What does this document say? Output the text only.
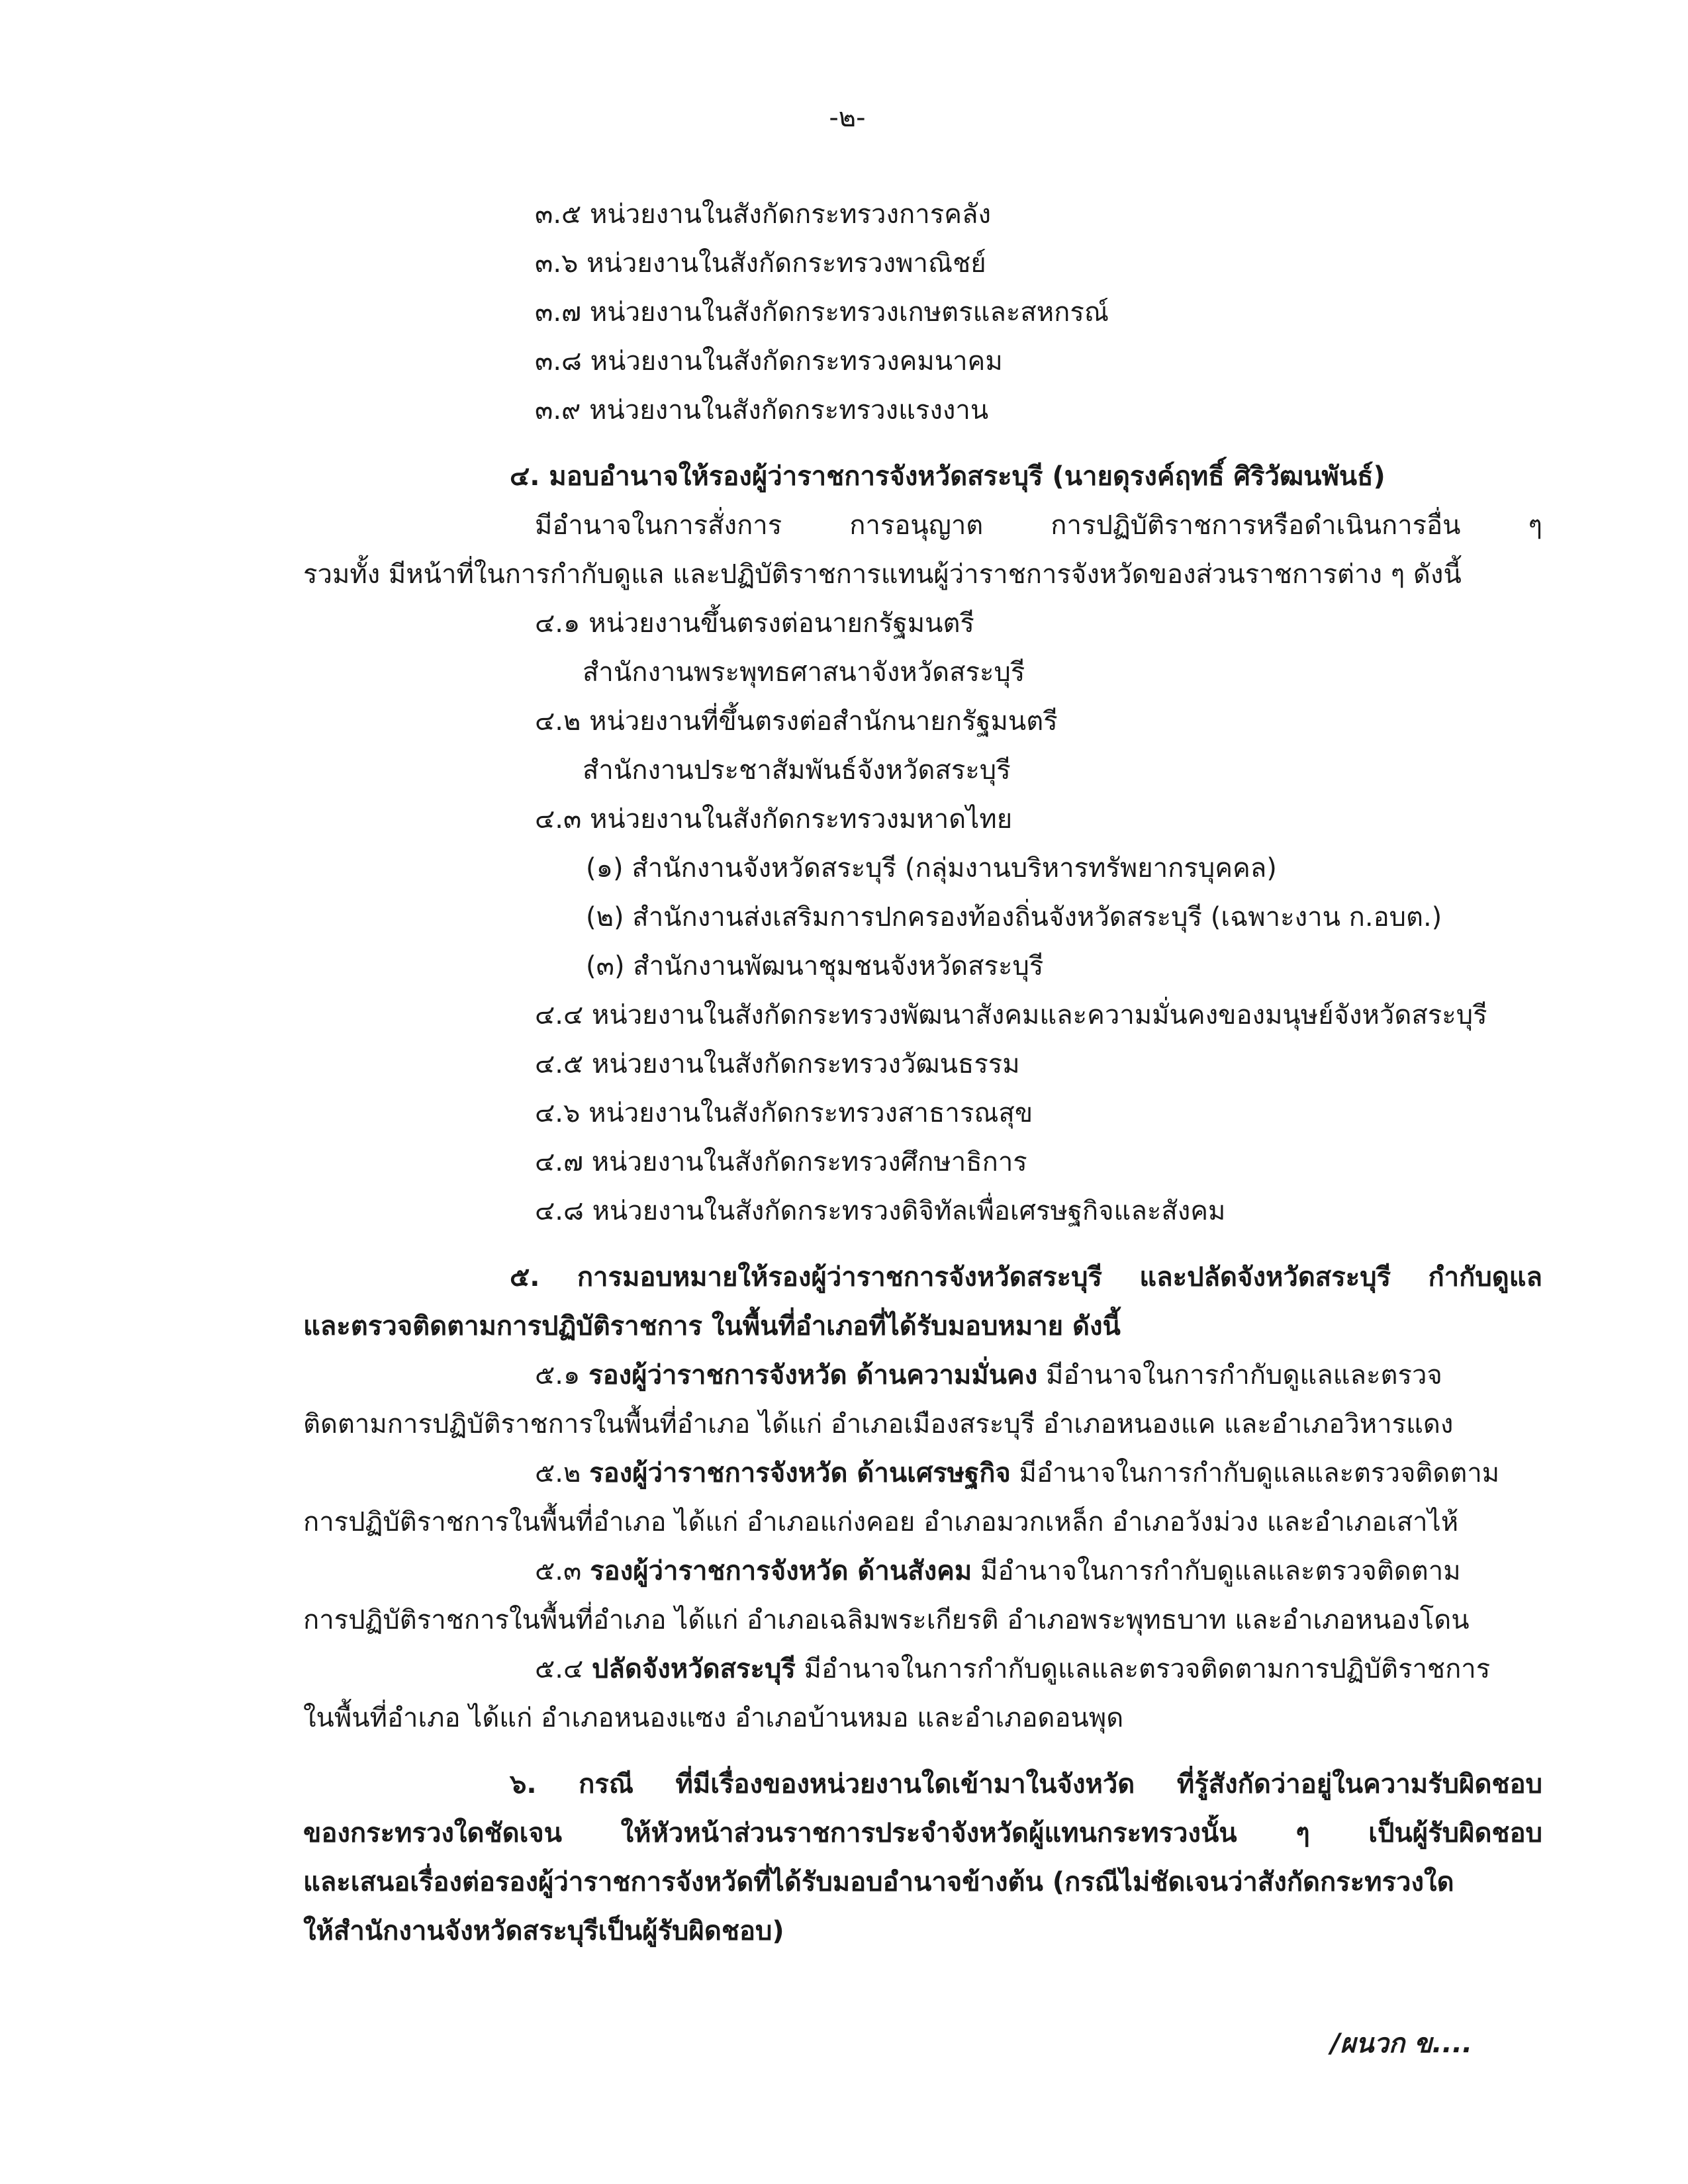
-๒-
๓.๕ หน่วยงานในสังกัดกระทรวงการคลัง
๓.๖ หน่วยงานในสังกัดกระทรวงพาณิชย์
๓.๗ หน่วยงานในสังกัดกระทรวงเกษตรและสหกรณ์
๓.๘ หน่วยงานในสังกัดกระทรวงคมนาคม
๓.๙ หน่วยงานในสังกัดกระทรวงแรงงาน
๔. มอบอำนาจให้รองผู้ว่าราชการจังหวัดสระบุรี (นายดุรงค์ฤทธิ์ ศิริวัฒนพันธ์)
มีอำนาจในการสั่งการ การอนุญาต การปฏิบัติราชการหรือดำเนินการอื่น ๆ
รวมทั้ง มีหน้าที่ในการกำกับดูแล และปฏิบัติราชการแทนผู้ว่าราชการจังหวัดของส่วนราชการต่าง ๆ ดังนี้
๔.๑ หน่วยงานขึ้นตรงต่อนายกรัฐมนตรี
สำนักงานพระพุทธศาสนาจังหวัดสระบุรี
๔.๒ หน่วยงานที่ขึ้นตรงต่อสำนักนายกรัฐมนตรี
สำนักงานประชาสัมพันธ์จังหวัดสระบุรี
๔.๓ หน่วยงานในสังกัดกระทรวงมหาดไทย
(๑) สำนักงานจังหวัดสระบุรี (กลุ่มงานบริหารทรัพยากรบุคคล)
(๒) สำนักงานส่งเสริมการปกครองท้องถิ่นจังหวัดสระบุรี (เฉพาะงาน ก.อบต.)
(๓) สำนักงานพัฒนาชุมชนจังหวัดสระบุรี
๔.๔ หน่วยงานในสังกัดกระทรวงพัฒนาสังคมและความมั่นคงของมนุษย์จังหวัดสระบุรี
๔.๕ หน่วยงานในสังกัดกระทรวงวัฒนธรรม
๔.๖ หน่วยงานในสังกัดกระทรวงสาธารณสุข
๔.๗ หน่วยงานในสังกัดกระทรวงศึกษาธิการ
๔.๘ หน่วยงานในสังกัดกระทรวงดิจิทัลเพื่อเศรษฐกิจและสังคม
๕. การมอบหมายให้รองผู้ว่าราชการจังหวัดสระบุรี และปลัดจังหวัดสระบุรี กำกับดูแล
และตรวจติดตามการปฏิบัติราชการ ในพื้นที่อำเภอที่ได้รับมอบหมาย ดังนี้
๕.๑ รองผู้ว่าราชการจังหวัด ด้านความมั่นคง มีอำนาจในการกำกับดูแลและตรวจ
ติดตามการปฏิบัติราชการในพื้นที่อำเภอ ได้แก่ อำเภอเมืองสระบุรี อำเภอหนองแค และอำเภอวิหารแดง
๕.๒ รองผู้ว่าราชการจังหวัด ด้านเศรษฐกิจ มีอำนาจในการกำกับดูแลและตรวจติดตาม
การปฏิบัติราชการในพื้นที่อำเภอ ได้แก่ อำเภอแก่งคอย อำเภอมวกเหล็ก อำเภอวังม่วง และอำเภอเสาไห้
๕.๓ รองผู้ว่าราชการจังหวัด ด้านสังคม มีอำนาจในการกำกับดูแลและตรวจติดตาม
การปฏิบัติราชการในพื้นที่อำเภอ ได้แก่ อำเภอเฉลิมพระเกียรติ อำเภอพระพุทธบาท และอำเภอหนองโดน
๕.๔ ปลัดจังหวัดสระบุรี มีอำนาจในการกำกับดูแลและตรวจติดตามการปฏิบัติราชการ
ในพื้นที่อำเภอ ได้แก่ อำเภอหนองแซง อำเภอบ้านหมอ และอำเภอดอนพุด
๖. กรณี ที่มีเรื่องของหน่วยงานใดเข้ามาในจังหวัด ที่รู้สังกัดว่าอยู่ในความรับผิดชอบ
ของกระทรวงใดชัดเจน ให้หัวหน้าส่วนราชการประจำจังหวัดผู้แทนกระทรวงนั้น ๆ เป็นผู้รับผิดชอบ
และเสนอเรื่องต่อรองผู้ว่าราชการจังหวัดที่ได้รับมอบอำนาจข้างต้น (กรณีไม่ชัดเจนว่าสังกัดกระทรวงใด
ให้สำนักงานจังหวัดสระบุรีเป็นผู้รับผิดชอบ)
/ผนวก ข....
